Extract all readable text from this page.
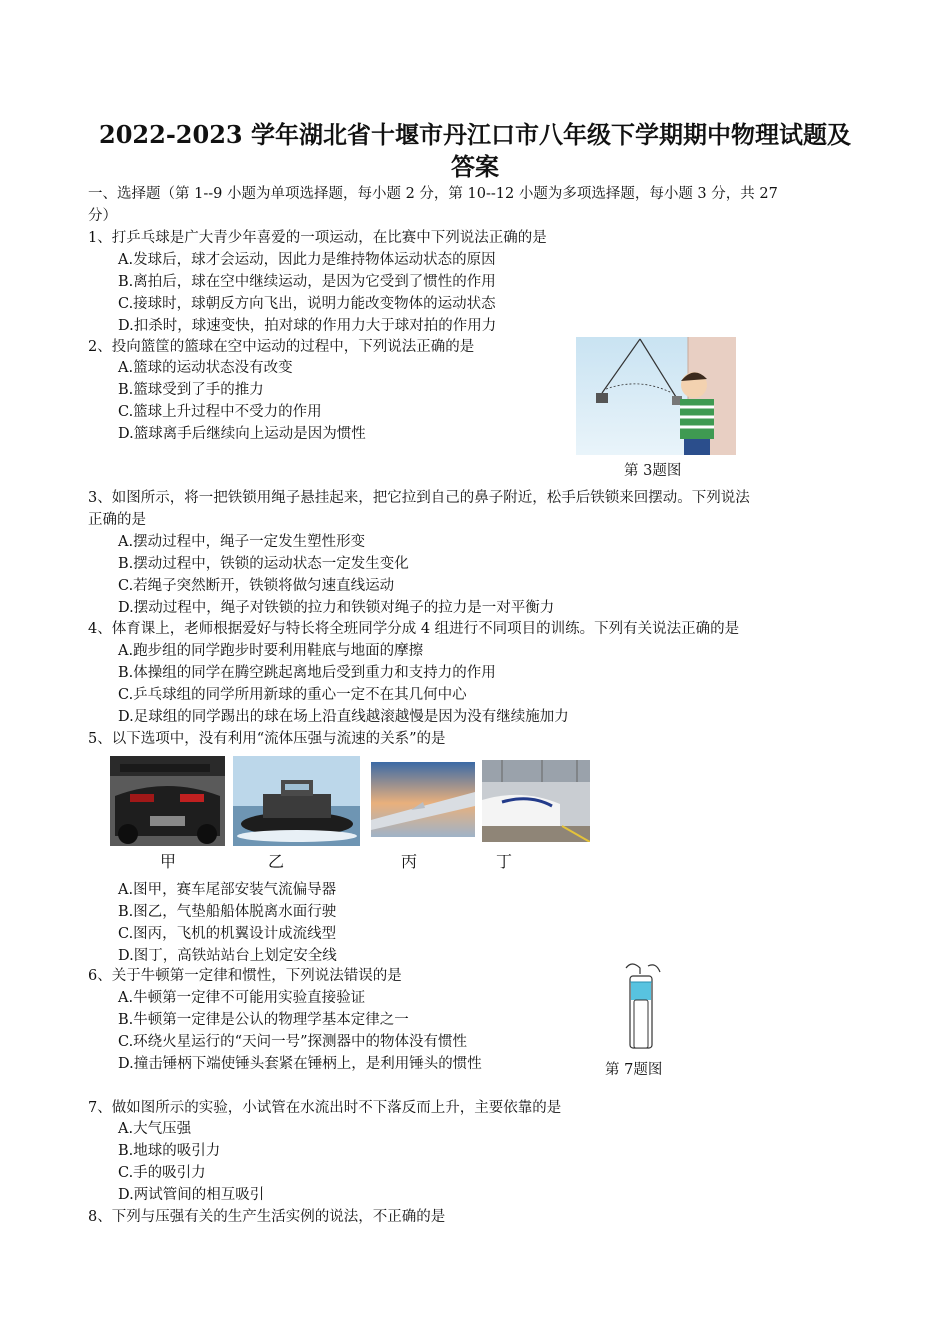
2022-2023 学年湖北省十堰市丹江口市八年级下学期期中物理试题及
答案
一、选择题（第 1--9 小题为单项选择题，每小题 2 分，第 10--12 小题为多项选择题，每小题 3 分，共 27
分）
1、打乒乓球是广大青少年喜爱的一项运动，在比赛中下列说法正确的是
A.发球后，球才会运动，因此力是维持物体运动状态的原因
B.离拍后，球在空中继续运动，是因为它受到了惯性的作用
C.接球时，球朝反方向飞出，说明力能改变物体的运动状态
D.扣杀时，球速变快，拍对球的作用力大于球对拍的作用力
2、投向篮筐的篮球在空中运动的过程中，下列说法正确的是
A.篮球的运动状态没有改变
B.篮球受到了手的推力
C.篮球上升过程中不受力的作用
D.篮球离手后继续向上运动是因为惯性
第 3题图
3、如图所示，将一把铁锁用绳子悬挂起来，把它拉到自己的鼻子附近，松手后铁锁来回摆动。下列说法
正确的是
A.摆动过程中，绳子一定发生塑性形变
B.摆动过程中，铁锁的运动状态一定发生变化
C.若绳子突然断开，铁锁将做匀速直线运动
D.摆动过程中，绳子对铁锁的拉力和铁锁对绳子的拉力是一对平衡力
4、体育课上，老师根据爱好与特长将全班同学分成 4 组进行不同项目的训练。下列有关说法正确的是
A.跑步组的同学跑步时要利用鞋底与地面的摩擦
B.体操组的同学在腾空跳起离地后受到重力和支持力的作用
C.乒乓球组的同学所用新球的重心一定不在其几何中心
D.足球组的同学踢出的球在场上沿直线越滚越慢是因为没有继续施加力
5、以下选项中，没有利用“流体压强与流速的关系”的是
甲	乙	丙	丁
A.图甲，赛车尾部安装气流偏导器
B.图乙，气垫船船体脱离水面行驶
C.图丙，飞机的机翼设计成流线型
D.图丁，高铁站站台上划定安全线
6、关于牛顿第一定律和惯性，下列说法错误的是
A.牛顿第一定律不可能用实验直接验证
B.牛顿第一定律是公认的物理学基本定律之一
C.环绕火星运行的“天问一号”探测器中的物体没有惯性
D.撞击锤柄下端使锤头套紧在锤柄上，是利用锤头的惯性	第 7题图
7、做如图所示的实验，小试管在水流出时不下落反而上升，主要依靠的是
A.大气压强
B.地球的吸引力
C.手的吸引力
D.两试管间的相互吸引
8、下列与压强有关的生产生活实例的说法，不正确的是
